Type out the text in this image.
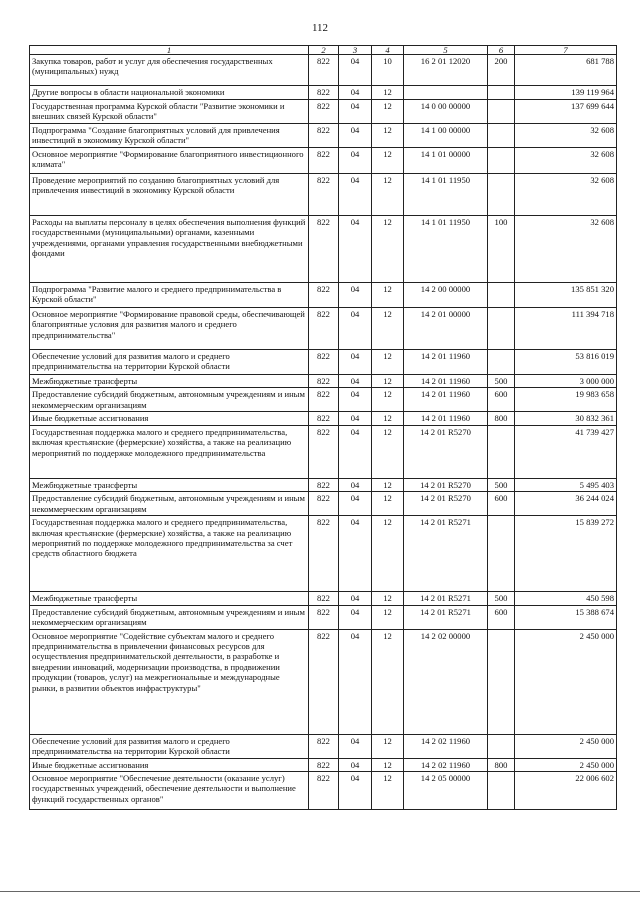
112
1	2	3	4	5	6	7
Закупка товаров, работ и услуг для обеспечения государственных (муниципальных) нужд	822	04	10	16 2 01 12020	200	681 788
Другие вопросы в области национальной экономики	822	04	12			139 119 964
Государственная программа Курской области "Развитие экономики и внешних связей Курской области"	822	04	12	14 0 00 00000		137 699 644
Подпрограмма "Создание благоприятных условий для привлечения инвестиций в экономику Курской области"	822	04	12	14 1 00 00000		32 608
Основное мероприятие "Формирование благоприятного инвестиционного климата"	822	04	12	14 1 01 00000		32 608
Проведение мероприятий по созданию благоприятных условий для привлечения инвестиций в экономику Курской области	822	04	12	14 1 01 11950		32 608
Расходы на выплаты персоналу в целях обеспечения выполнения функций государственными (муниципальными) органами, казенными учреждениями, органами управления государственными внебюджетными фондами	822	04	12	14 1 01 11950	100	32 608
Подпрограмма "Развитие малого и среднего предпринимательства в Курской области"	822	04	12	14 2 00 00000		135 851 320
Основное мероприятие "Формирование правовой среды, обеспечивающей благоприятные условия для развития малого и среднего предпринимательства"	822	04	12	14 2 01 00000		111 394 718
Обеспечение условий для развития малого и среднего предпринимательства на территории Курской области	822	04	12	14 2 01 11960		53 816 019
Межбюджетные трансферты	822	04	12	14 2 01 11960	500	3 000 000
Предоставление субсидий бюджетным, автономным учреждениям и иным некоммерческим организациям	822	04	12	14 2 01 11960	600	19 983 658
Иные бюджетные ассигнования	822	04	12	14 2 01 11960	800	30 832 361
Государственная поддержка малого и среднего предпринимательства, включая крестьянские (фермерские) хозяйства, а также на реализацию мероприятий по поддержке молодежного предпринимательства	822	04	12	14 2 01 R5270		41 739 427
Межбюджетные трансферты	822	04	12	14 2 01 R5270	500	5 495 403
Предоставление субсидий бюджетным, автономным учреждениям и иным некоммерческим организациям	822	04	12	14 2 01 R5270	600	36 244 024
Государственная поддержка малого и среднего предпринимательства, включая крестьянские (фермерские) хозяйства, а также на реализацию мероприятий по поддержке молодежного предпринимательства за счет средств областного бюджета	822	04	12	14 2 01 R5271		15 839 272
Межбюджетные трансферты	822	04	12	14 2 01 R5271	500	450 598
Предоставление субсидий бюджетным, автономным учреждениям и иным некоммерческим организациям	822	04	12	14 2 01 R5271	600	15 388 674
Основное мероприятие "Содействие субъектам малого и среднего предпринимательства в привлечении финансовых ресурсов для осуществления предпринимательской деятельности, в разработке и внедрении инноваций, модернизации производства, в продвижении продукции (товаров, услуг) на межрегиональные и международные рынки, в развитии объектов инфраструктуры"	822	04	12	14 2 02 00000		2 450 000
Обеспечение условий для развития малого и среднего предпринимательства на территории Курской области	822	04	12	14 2 02 11960		2 450 000
Иные бюджетные ассигнования	822	04	12	14 2 02 11960	800	2 450 000
Основное мероприятие "Обеспечение деятельности (оказание услуг) государственных учреждений, обеспечение деятельности и выполнение функций государственных органов"	822	04	12	14 2 05 00000		22 006 602
